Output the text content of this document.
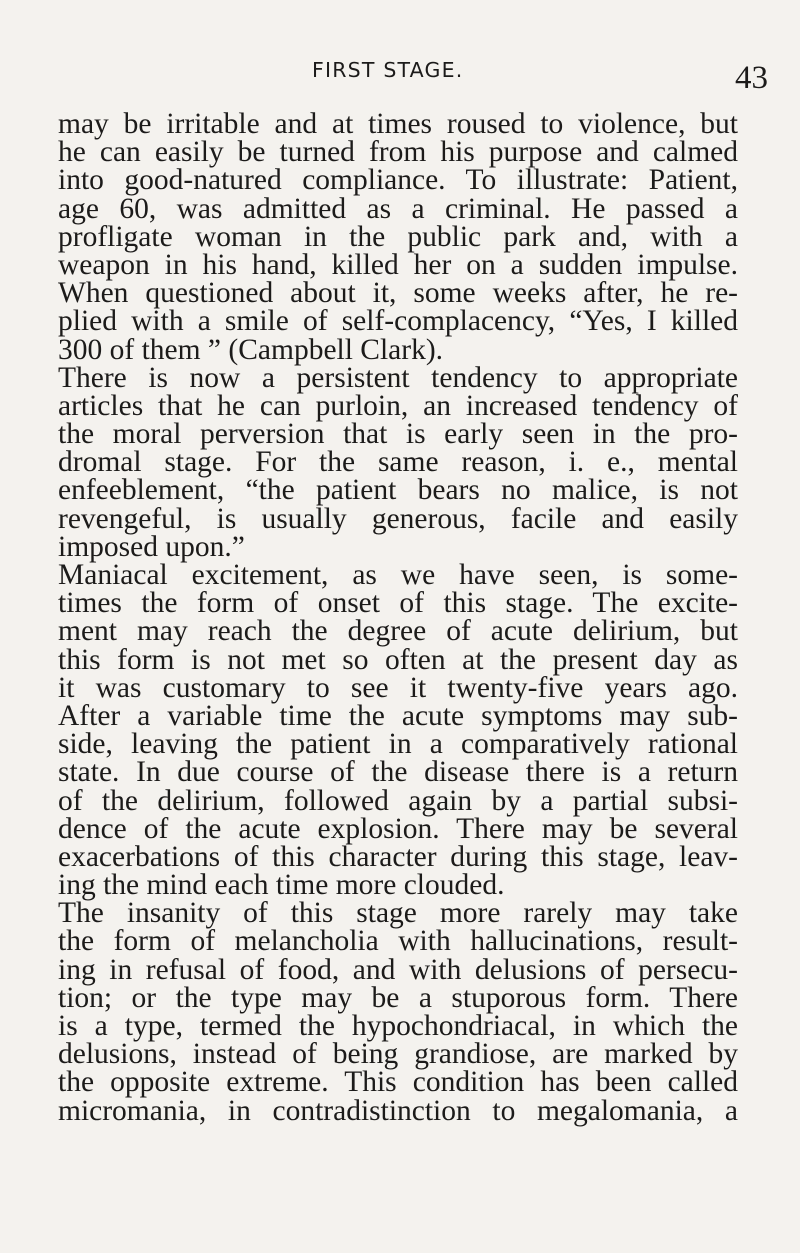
FIRST STAGE.	43
may be irritable and at times roused to violence, but
he can easily be turned from his purpose and calmed
into good-natured compliance. To illustrate: Patient,
age 60, was admitted as a criminal. He passed a
profligate woman in the public park and, with a
weapon in his hand, killed her on a sudden impulse.
When questioned about it, some weeks after, he re-
plied with a smile of self-complacency, “Yes, I killed
300 of them ” (Campbell Clark).
There is now a persistent tendency to appropriate
articles that he can purloin, an increased tendency of
the moral perversion that is early seen in the pro-
dromal stage. For the same reason, i. e., mental
enfeeblement, “the patient bears no malice, is not
revengeful, is usually generous, facile and easily
imposed upon.”
Maniacal excitement, as we have seen, is some-
times the form of onset of this stage. The excite-
ment may reach the degree of acute delirium, but
this form is not met so often at the present day as
it was customary to see it twenty-five years ago.
After a variable time the acute symptoms may sub-
side, leaving the patient in a comparatively rational
state. In due course of the disease there is a return
of the delirium, followed again by a partial subsi-
dence of the acute explosion. There may be several
exacerbations of this character during this stage, leav-
ing the mind each time more clouded.
The insanity of this stage more rarely may take
the form of melancholia with hallucinations, result-
ing in refusal of food, and with delusions of persecu-
tion; or the type may be a stuporous form. There
is a type, termed the hypochondriacal, in which the
delusions, instead of being grandiose, are marked by
the opposite extreme. This condition has been called
micromania, in contradistinction to megalomania, a
